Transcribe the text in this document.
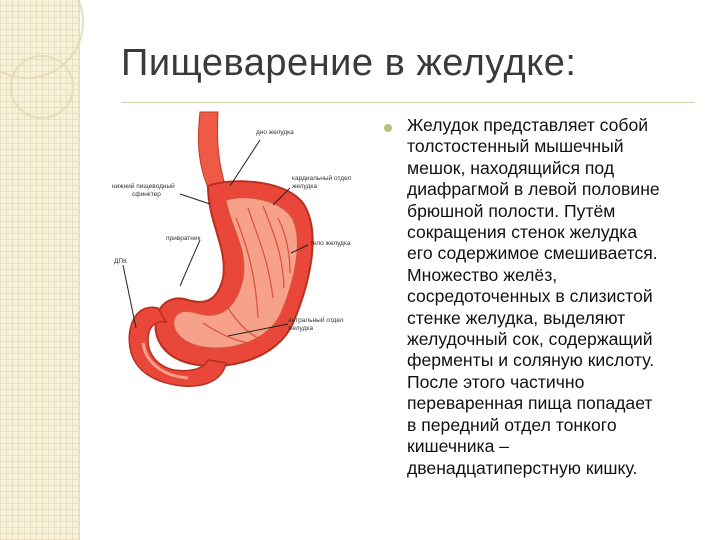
Пищеварение в желудке:
дно желудка
кардиальный отдел
желудка
нижний пищеводный
сфинктер
тело желудка
привратник
ДПК
антральный отдел
желудка
Желудок представляет собой
толстостенный мышечный
мешок, находящийся под
диафрагмой в левой половине
брюшной полости. Путём
сокращения стенок желудка
его содержимое смешивается.
Множество желёз,
сосредоточенных в слизистой
стенке желудка, выделяют
желудочный сок, содержащий
ферменты и соляную кислоту.
После этого частично
переваренная пища попадает
в передний отдел тонкого
кишечника –
двенадцатиперстную кишку.
